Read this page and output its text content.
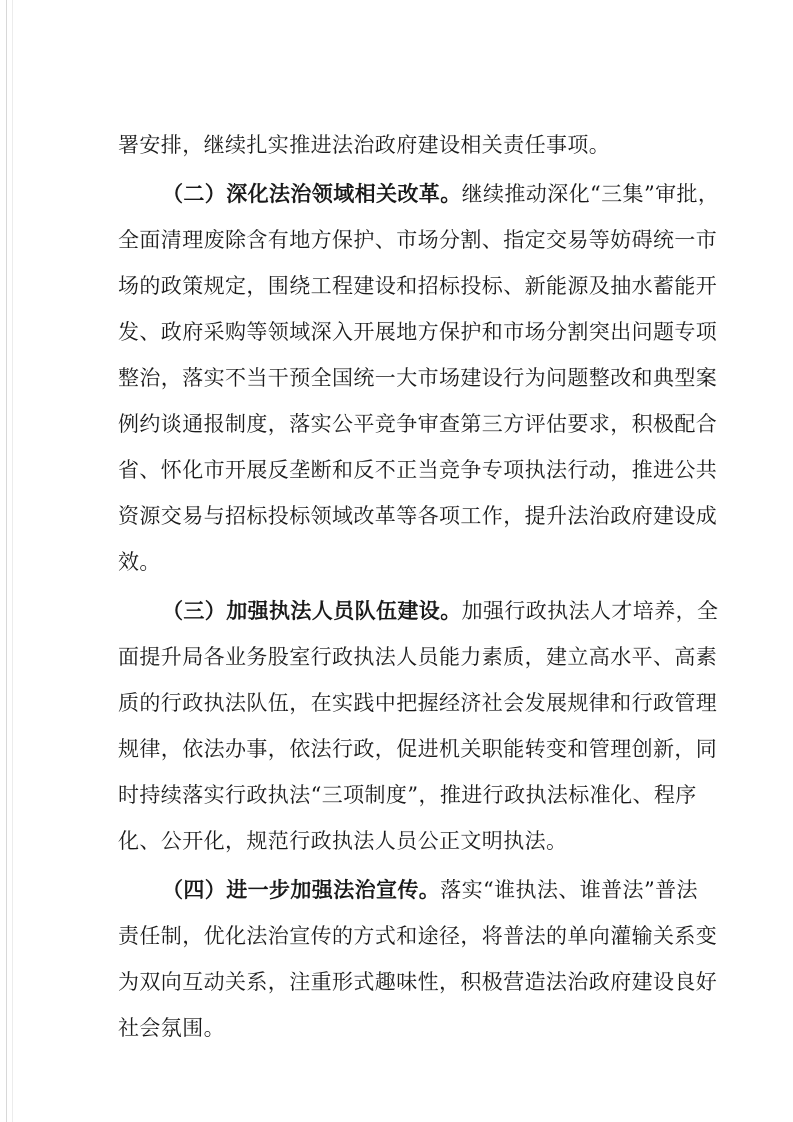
署安排，继续扎实推进法治政府建设相关责任事项。
（二）深化法治领域相关改革。继续推动深化“三集”审批，
全面清理废除含有地方保护、市场分割、指定交易等妨碍统一市
场的政策规定，围绕工程建设和招标投标、新能源及抽水蓄能开
发、政府采购等领域深入开展地方保护和市场分割突出问题专项
整治，落实不当干预全国统一大市场建设行为问题整改和典型案
例约谈通报制度，落实公平竞争审查第三方评估要求，积极配合
省、怀化市开展反垄断和反不正当竞争专项执法行动，推进公共
资源交易与招标投标领域改革等各项工作，提升法治政府建设成
效。
（三）加强执法人员队伍建设。加强行政执法人才培养，全
面提升局各业务股室行政执法人员能力素质，建立高水平、高素
质的行政执法队伍，在实践中把握经济社会发展规律和行政管理
规律，依法办事，依法行政，促进机关职能转变和管理创新，同
时持续落实行政执法“三项制度”，推进行政执法标准化、程序
化、公开化，规范行政执法人员公正文明执法。
（四）进一步加强法治宣传。落实“谁执法、谁普法”普法
责任制，优化法治宣传的方式和途径，将普法的单向灌输关系变
为双向互动关系，注重形式趣味性，积极营造法治政府建设良好
社会氛围。
